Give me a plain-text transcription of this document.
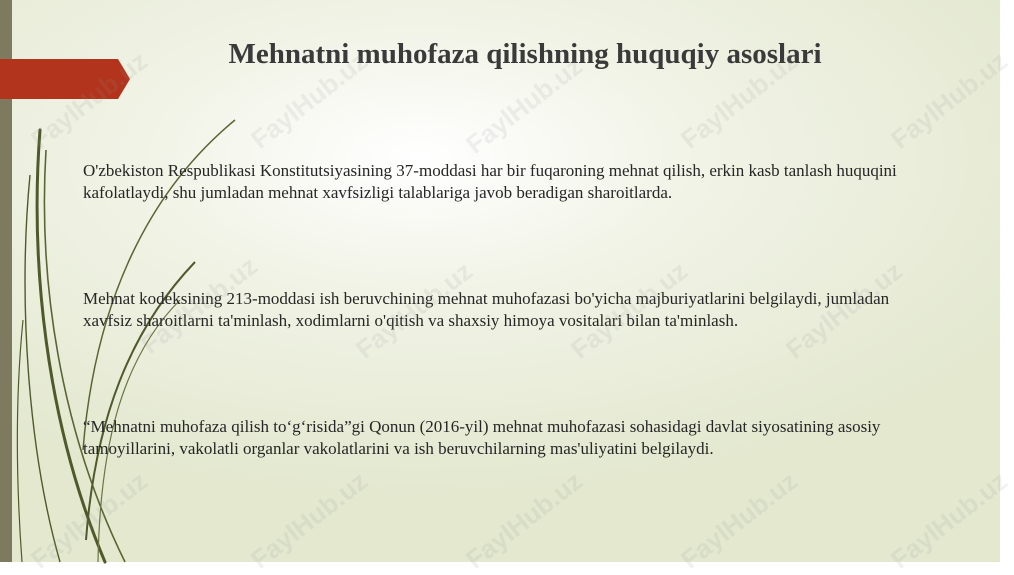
Mehnatni muhofaza qilishning huquqiy asoslari

O'zbekiston Respublikasi Konstitutsiyasining 37-moddasi har bir fuqaroning mehnat qilish, erkin kasb tanlash huquqini kafolatlaydi, shu jumladan mehnat xavfsizligi talablariga javob beradigan sharoitlarda.

Mehnat kodeksining 213-moddasi ish beruvchining mehnat muhofazasi bo'yicha majburiyatlarini belgilaydi, jumladan xavfsiz sharoitlarni ta'minlash, xodimlarni o'qitish va shaxsiy himoya vositalari bilan ta'minlash.

“Mehnatni muhofaza qilish to‘g‘risida”gi Qonun (2016-yil) mehnat muhofazasi sohasidagi davlat siyosatining asosiy tamoyillarini, vakolatli organlar vakolatlarini va ish beruvchilarning mas'uliyatini belgilaydi.

FaylHub.uz	FaylHub.uz	FaylHub.uz	FaylHub.uz	FaylHub.uz
FaylHub.uz	FaylHub.uz	FaylHub.uz	FaylHub.uz
FaylHub.uz	FaylHub.uz	FaylHub.uz	FaylHub.uz	FaylHub.uz
